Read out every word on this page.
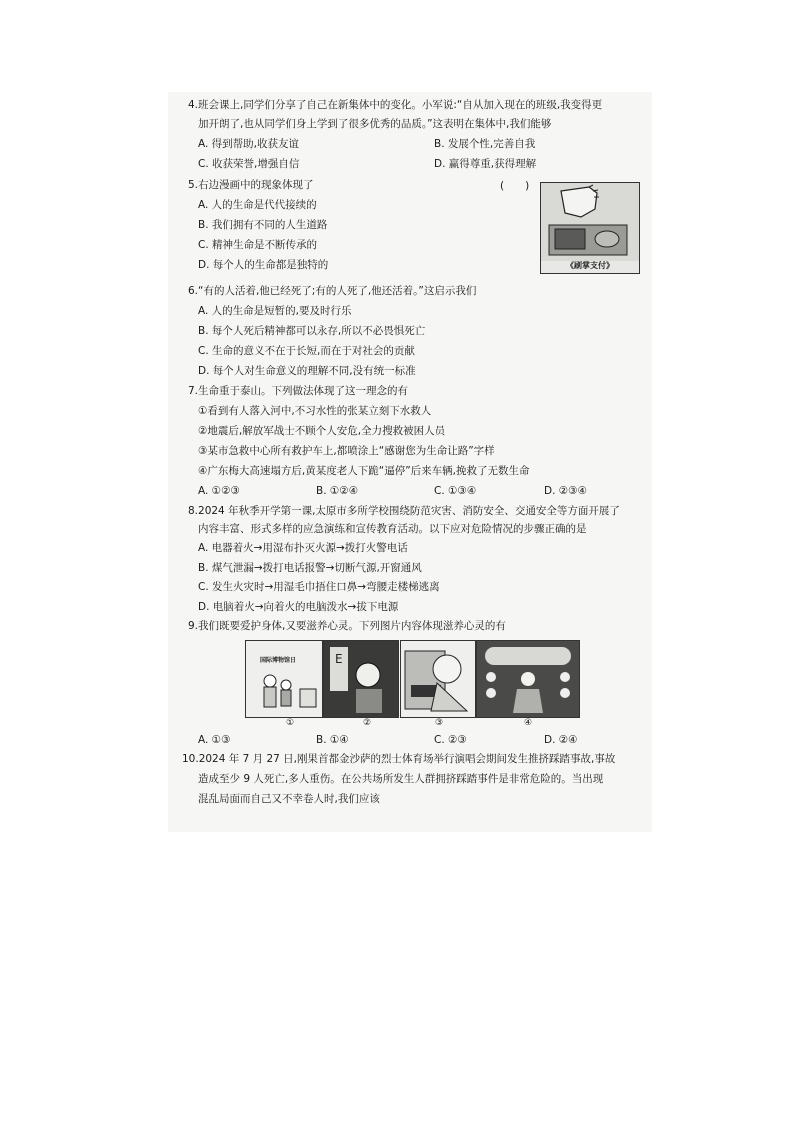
4.班会课上,同学们分享了自己在新集体中的变化。小军说:“自从加入现在的班级,我变得更
加开朗了,也从同学们身上学到了很多优秀的品质。”这表明在集体中,我们能够
A. 得到帮助,收获友谊	B. 发展个性,完善自我
C. 收获荣誉,增强自信	D. 赢得尊重,获得理解
5.右边漫画中的现象体现了	(　　)
A. 人的生命是代代接续的
B. 我们拥有不同的人生道路
C. 精神生命是不断传承的
D. 每个人的生命都是独特的	《刷掌支付》
6.“有的人活着,他已经死了;有的人死了,他还活着。”这启示我们
A. 人的生命是短暂的,要及时行乐
B. 每个人死后精神都可以永存,所以不必畏惧死亡
C. 生命的意义不在于长短,而在于对社会的贡献
D. 每个人对生命意义的理解不同,没有统一标准
7.生命重于泰山。下列做法体现了这一理念的有
①看到有人落入河中,不习水性的张某立刻下水救人
②地震后,解放军战士不顾个人安危,全力搜救被困人员
③某市急救中心所有救护车上,都喷涂上“感谢您为生命让路”字样
④广东梅大高速塌方后,黄某度老人下跪“逼停”后来车辆,挽救了无数生命
A. ①②③	B. ①②④	C. ①③④	D. ②③④
8.2024 年秋季开学第一课,太原市多所学校围绕防范灾害、消防安全、交通安全等方面开展了
内容丰富、形式多样的应急演练和宣传教育活动。以下应对危险情况的步骤正确的是
A. 电器着火→用湿布扑灭火源→拨打火警电话
B. 煤气泄漏→拨打电话报警→切断气源,开窗通风
C. 发生火灾时→用湿毛巾捂住口鼻→弯腰走楼梯逃离
D. 电脑着火→向着火的电脑泼水→拔下电源
9.我们既要爱护身体,又要滋养心灵。下列图片内容体现滋养心灵的有
国际博物馆日
①
E
②	③	④
A. ①③	B. ①④	C. ②③	D. ②④
10.2024 年 7 月 27 日,刚果首都金沙萨的烈士体育场举行演唱会期间发生推挤踩踏事故,事故
造成至少 9 人死亡,多人重伤。在公共场所发生人群拥挤踩踏事件是非常危险的。当出现
混乱局面而自己又不幸卷人时,我们应该
